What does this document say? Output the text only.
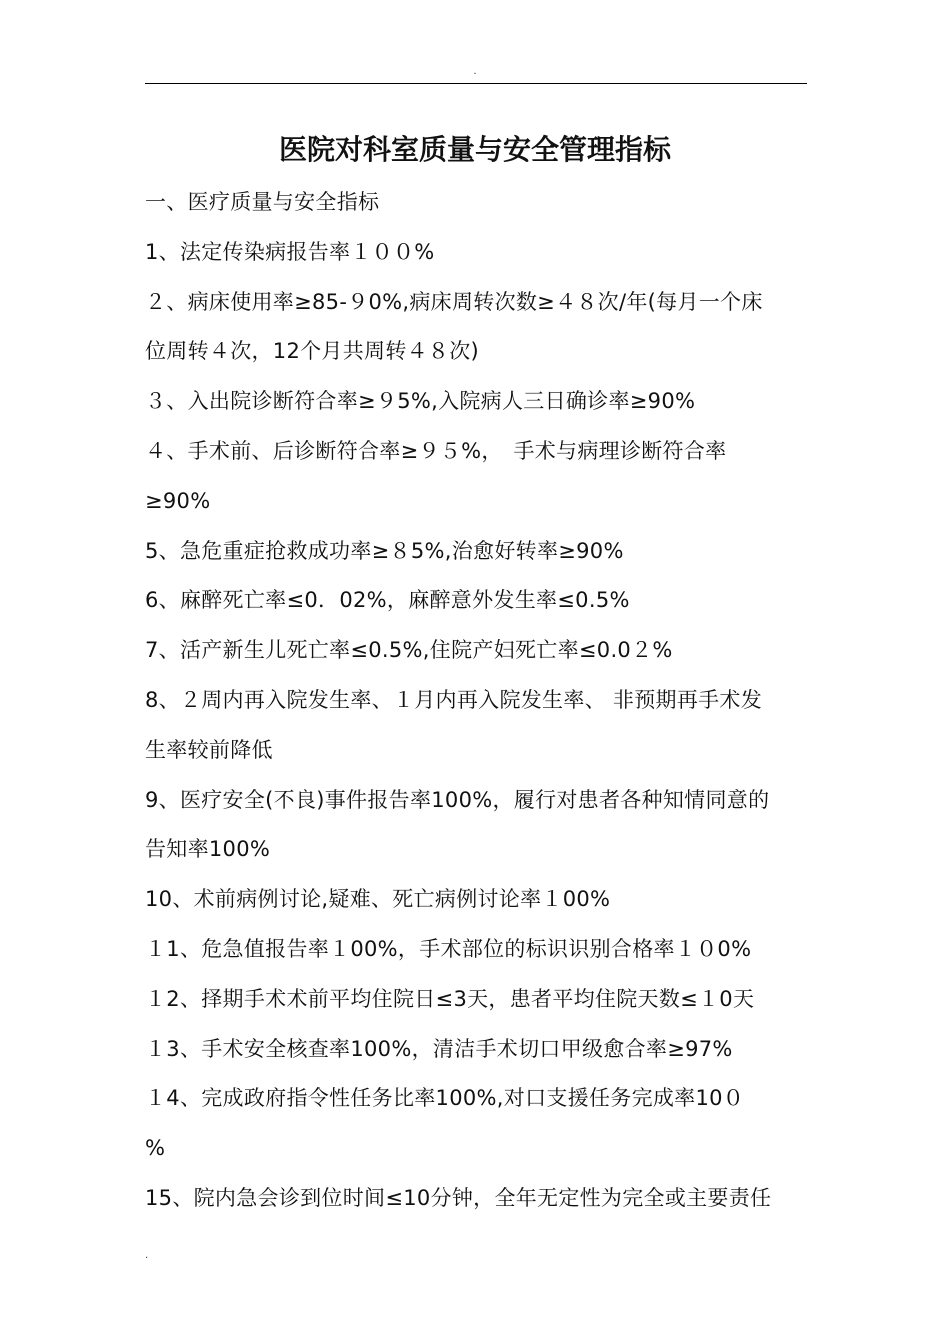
.
医院对科室质量与安全管理指标
一、医疗质量与安全指标
1、法定传染病报告率１００%
２、病床使用率≥85-９0%,病床周转次数≥４８次/年(每月一个床
位周转４次，12个月共周转４８次)
３、入出院诊断符合率≥９5%,入院病人三日确诊率≥90%
４、手术前、后诊断符合率≥９５%，　手术与病理诊断符合率
≥90%
5、急危重症抢救成功率≥８5%,治愈好转率≥90%
6、麻醉死亡率≤0．02%，麻醉意外发生率≤0.5%
7、活产新生儿死亡率≤0.5%,住院产妇死亡率≤0.0２%
8、２周内再入院发生率、１月内再入院发生率、 非预期再手术发
生率较前降低
9、医疗安全(不良)事件报告率100%，履行对患者各种知情同意的
告知率100%
10、术前病例讨论,疑难、死亡病例讨论率１00%
１1、危急值报告率１00%，手术部位的标识识别合格率１０0%
１2、择期手术术前平均住院日≤3天，患者平均住院天数≤１0天
１3、手术安全核查率100%，清洁手术切口甲级愈合率≥97%
１4、完成政府指令性任务比率100%,对口支援任务完成率10０
%
15、院内急会诊到位时间≤10分钟，全年无定性为完全或主要责任
.
